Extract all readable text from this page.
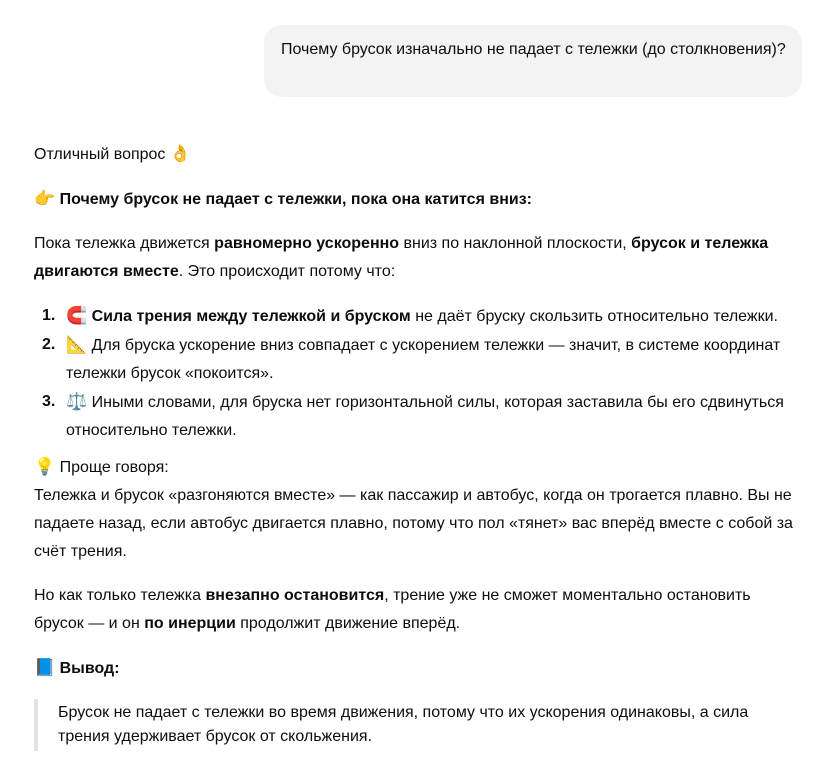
Почему брусок изначально не падает с тележки (до столкновения)?

Отличный вопрос 👌

👉 Почему брусок не падает с тележки, пока она катится вниз:

Пока тележка движется равномерно ускоренно вниз по наклонной плоскости, брусок и тележка двигаются вместе. Это происходит потому что:

1. 🧲 Сила трения между тележкой и бруском не даёт бруску скользить относительно тележки.
2. 📐 Для бруска ускорение вниз совпадает с ускорением тележки — значит, в системе координат тележки брусок «покоится».
3. ⚖️ Иными словами, для бруска нет горизонтальной силы, которая заставила бы его сдвинуться относительно тележки.

💡 Проще говоря:

Тележка и брусок «разгоняются вместе» — как пассажир и автобус, когда он трогается плавно. Вы не падаете назад, если автобус двигается плавно, потому что пол «тянет» вас вперёд вместе с собой за счёт трения.

Но как только тележка внезапно остановится, трение уже не сможет моментально остановить брусок — и он по инерции продолжит движение вперёд.

📘 Вывод:

Брусок не падает с тележки во время движения, потому что их ускорения одинаковы, а сила трения удерживает брусок от скольжения.
